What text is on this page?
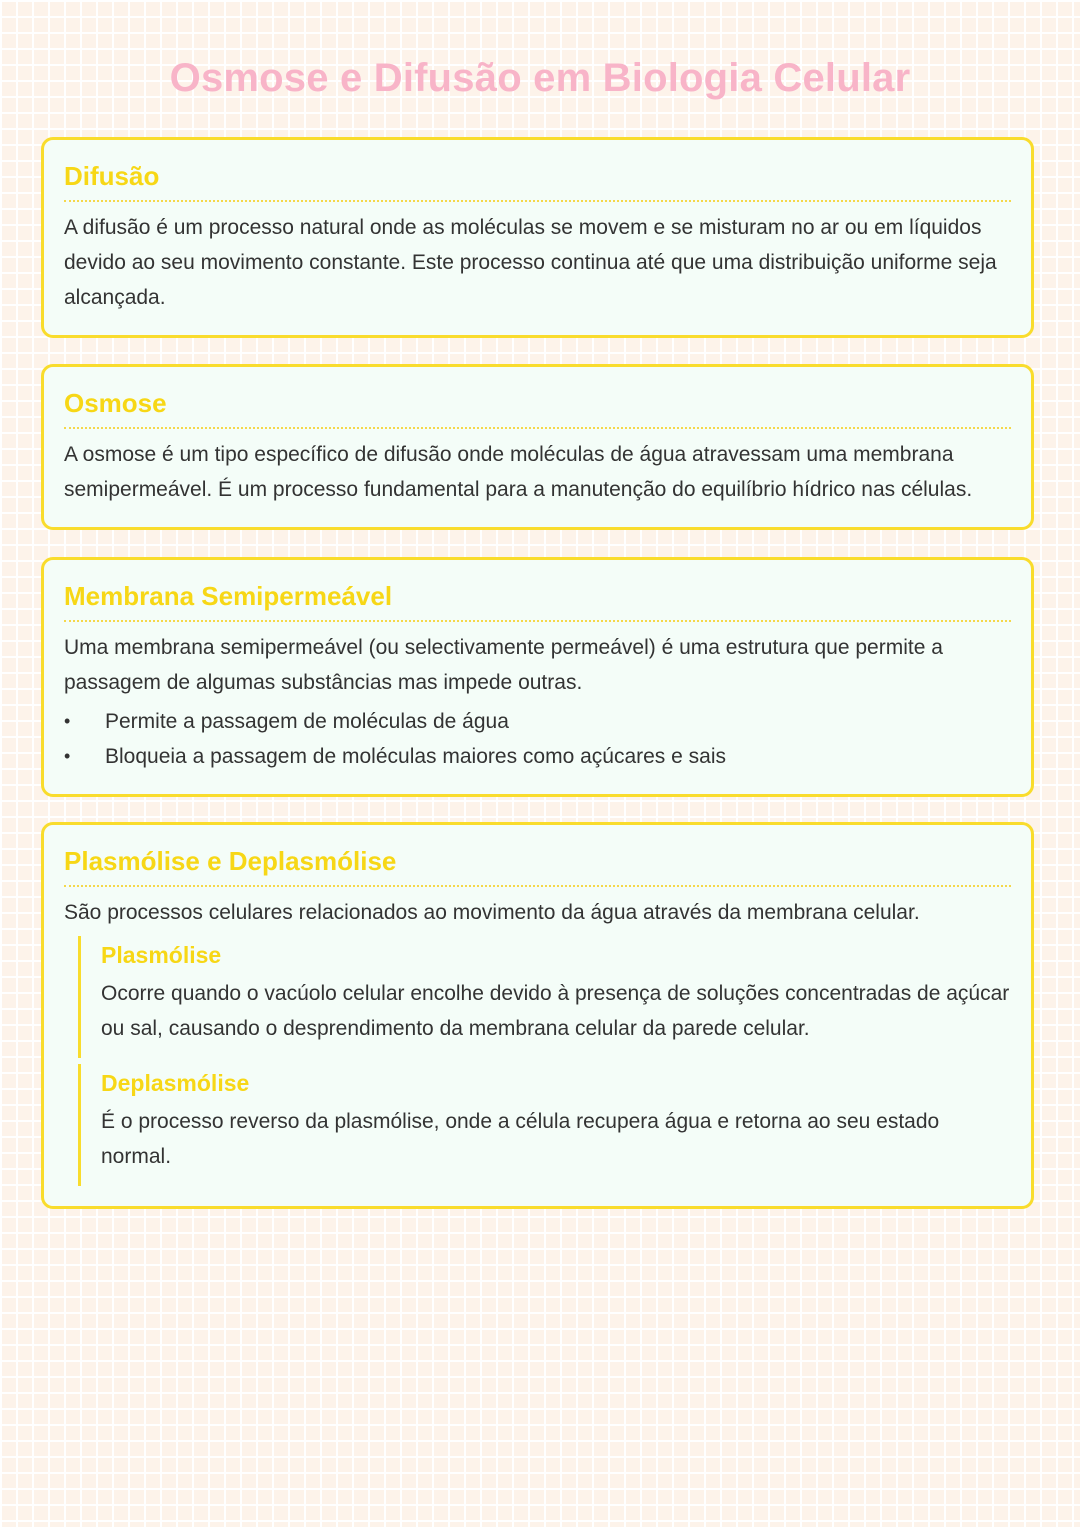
Osmose e Difusão em Biologia Celular
Difusão

A difusão é um processo natural onde as moléculas se movem e se misturam no ar ou em líquidos devido ao seu movimento constante. Este processo continua até que uma distribuição uniforme seja alcançada.

Osmose

A osmose é um tipo específico de difusão onde moléculas de água atravessam uma membrana semipermeável. É um processo fundamental para a manutenção do equilíbrio hídrico nas células.

Membrana Semipermeável

Uma membrana semipermeável (ou selectivamente permeável) é uma estrutura que permite a passagem de algumas substâncias mas impede outras.

• Permite a passagem de moléculas de água
• Bloqueia a passagem de moléculas maiores como açúcares e sais
Plasmólise e Deplasmólise

São processos celulares relacionados ao movimento da água através da membrana celular.

Plasmólise

Ocorre quando o vacúolo celular encolhe devido à presença de soluções concentradas de açúcar ou sal, causando o desprendimento da membrana celular da parede celular.

Deplasmólise

É o processo reverso da plasmólise, onde a célula recupera água e retorna ao seu estado normal.
